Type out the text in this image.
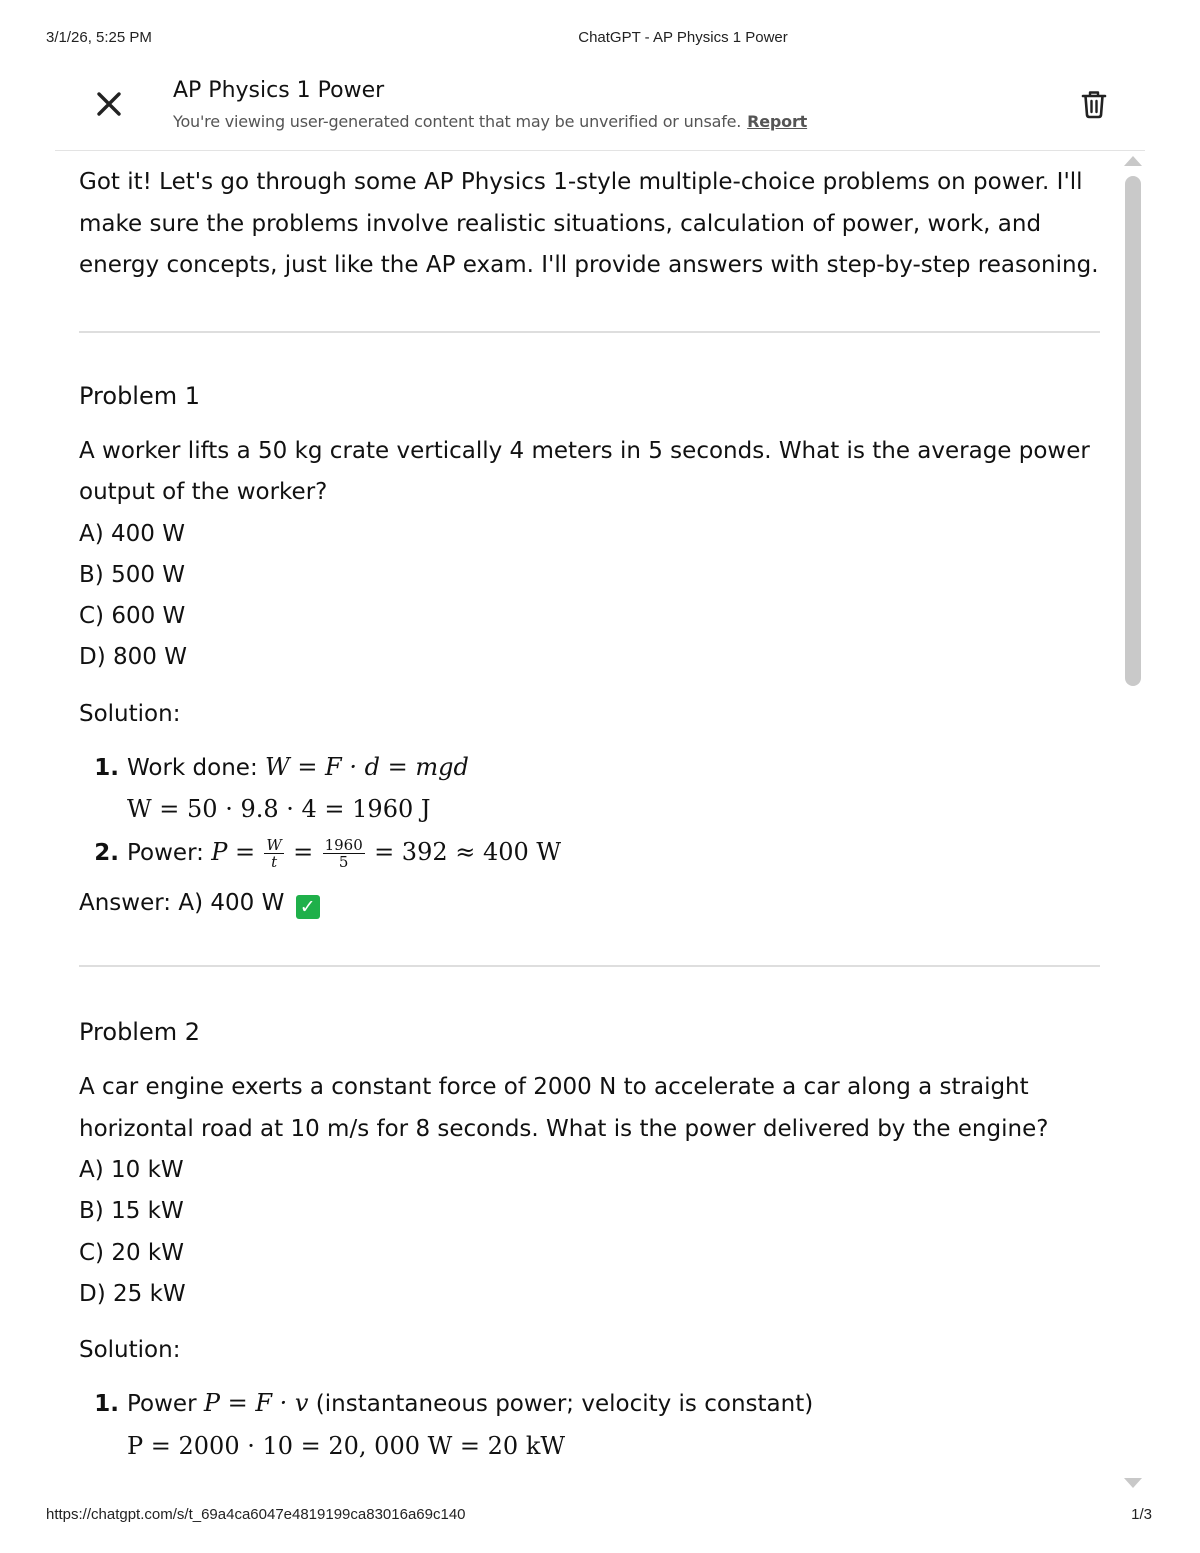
3/1/26, 5:25 PM	ChatGPT - AP Physics 1 Power
AP Physics 1 Power
You're viewing user-generated content that may be unverified or unsafe. Report

Got it! Let's go through some AP Physics 1-style multiple-choice problems on power. I'll make sure the problems involve realistic situations, calculation of power, work, and energy concepts, just like the AP exam. I'll provide answers with step-by-step reasoning.

Problem 1

A worker lifts a 50 kg crate vertically 4 meters in 5 seconds. What is the average power output of the worker?

A) 400 W
B) 500 W
C) 600 W
D) 800 W
Solution:
1. Work done: W = F · d = mgd
W = 50 · 9.8 · 4 = 1960 J
2. Power: $P = \frac{W}{t} = \frac{1960}{5} = 392 \approx 400$ W
Answer: A) 400 W ✓
Problem 2

A car engine exerts a constant force of 2000 N to accelerate a car along a straight horizontal road at 10 m/s for 8 seconds. What is the power delivered by the engine?

A) 10 kW
B) 15 kW
C) 20 kW
D) 25 kW
Solution:
1. Power P = F · v (instantaneous power; velocity is constant)
P = 2000 · 10 = 20, 000 W = 20 kW
https://chatgpt.com/s/t_69a4ca6047e4819199ca83016a69c140	1/3
